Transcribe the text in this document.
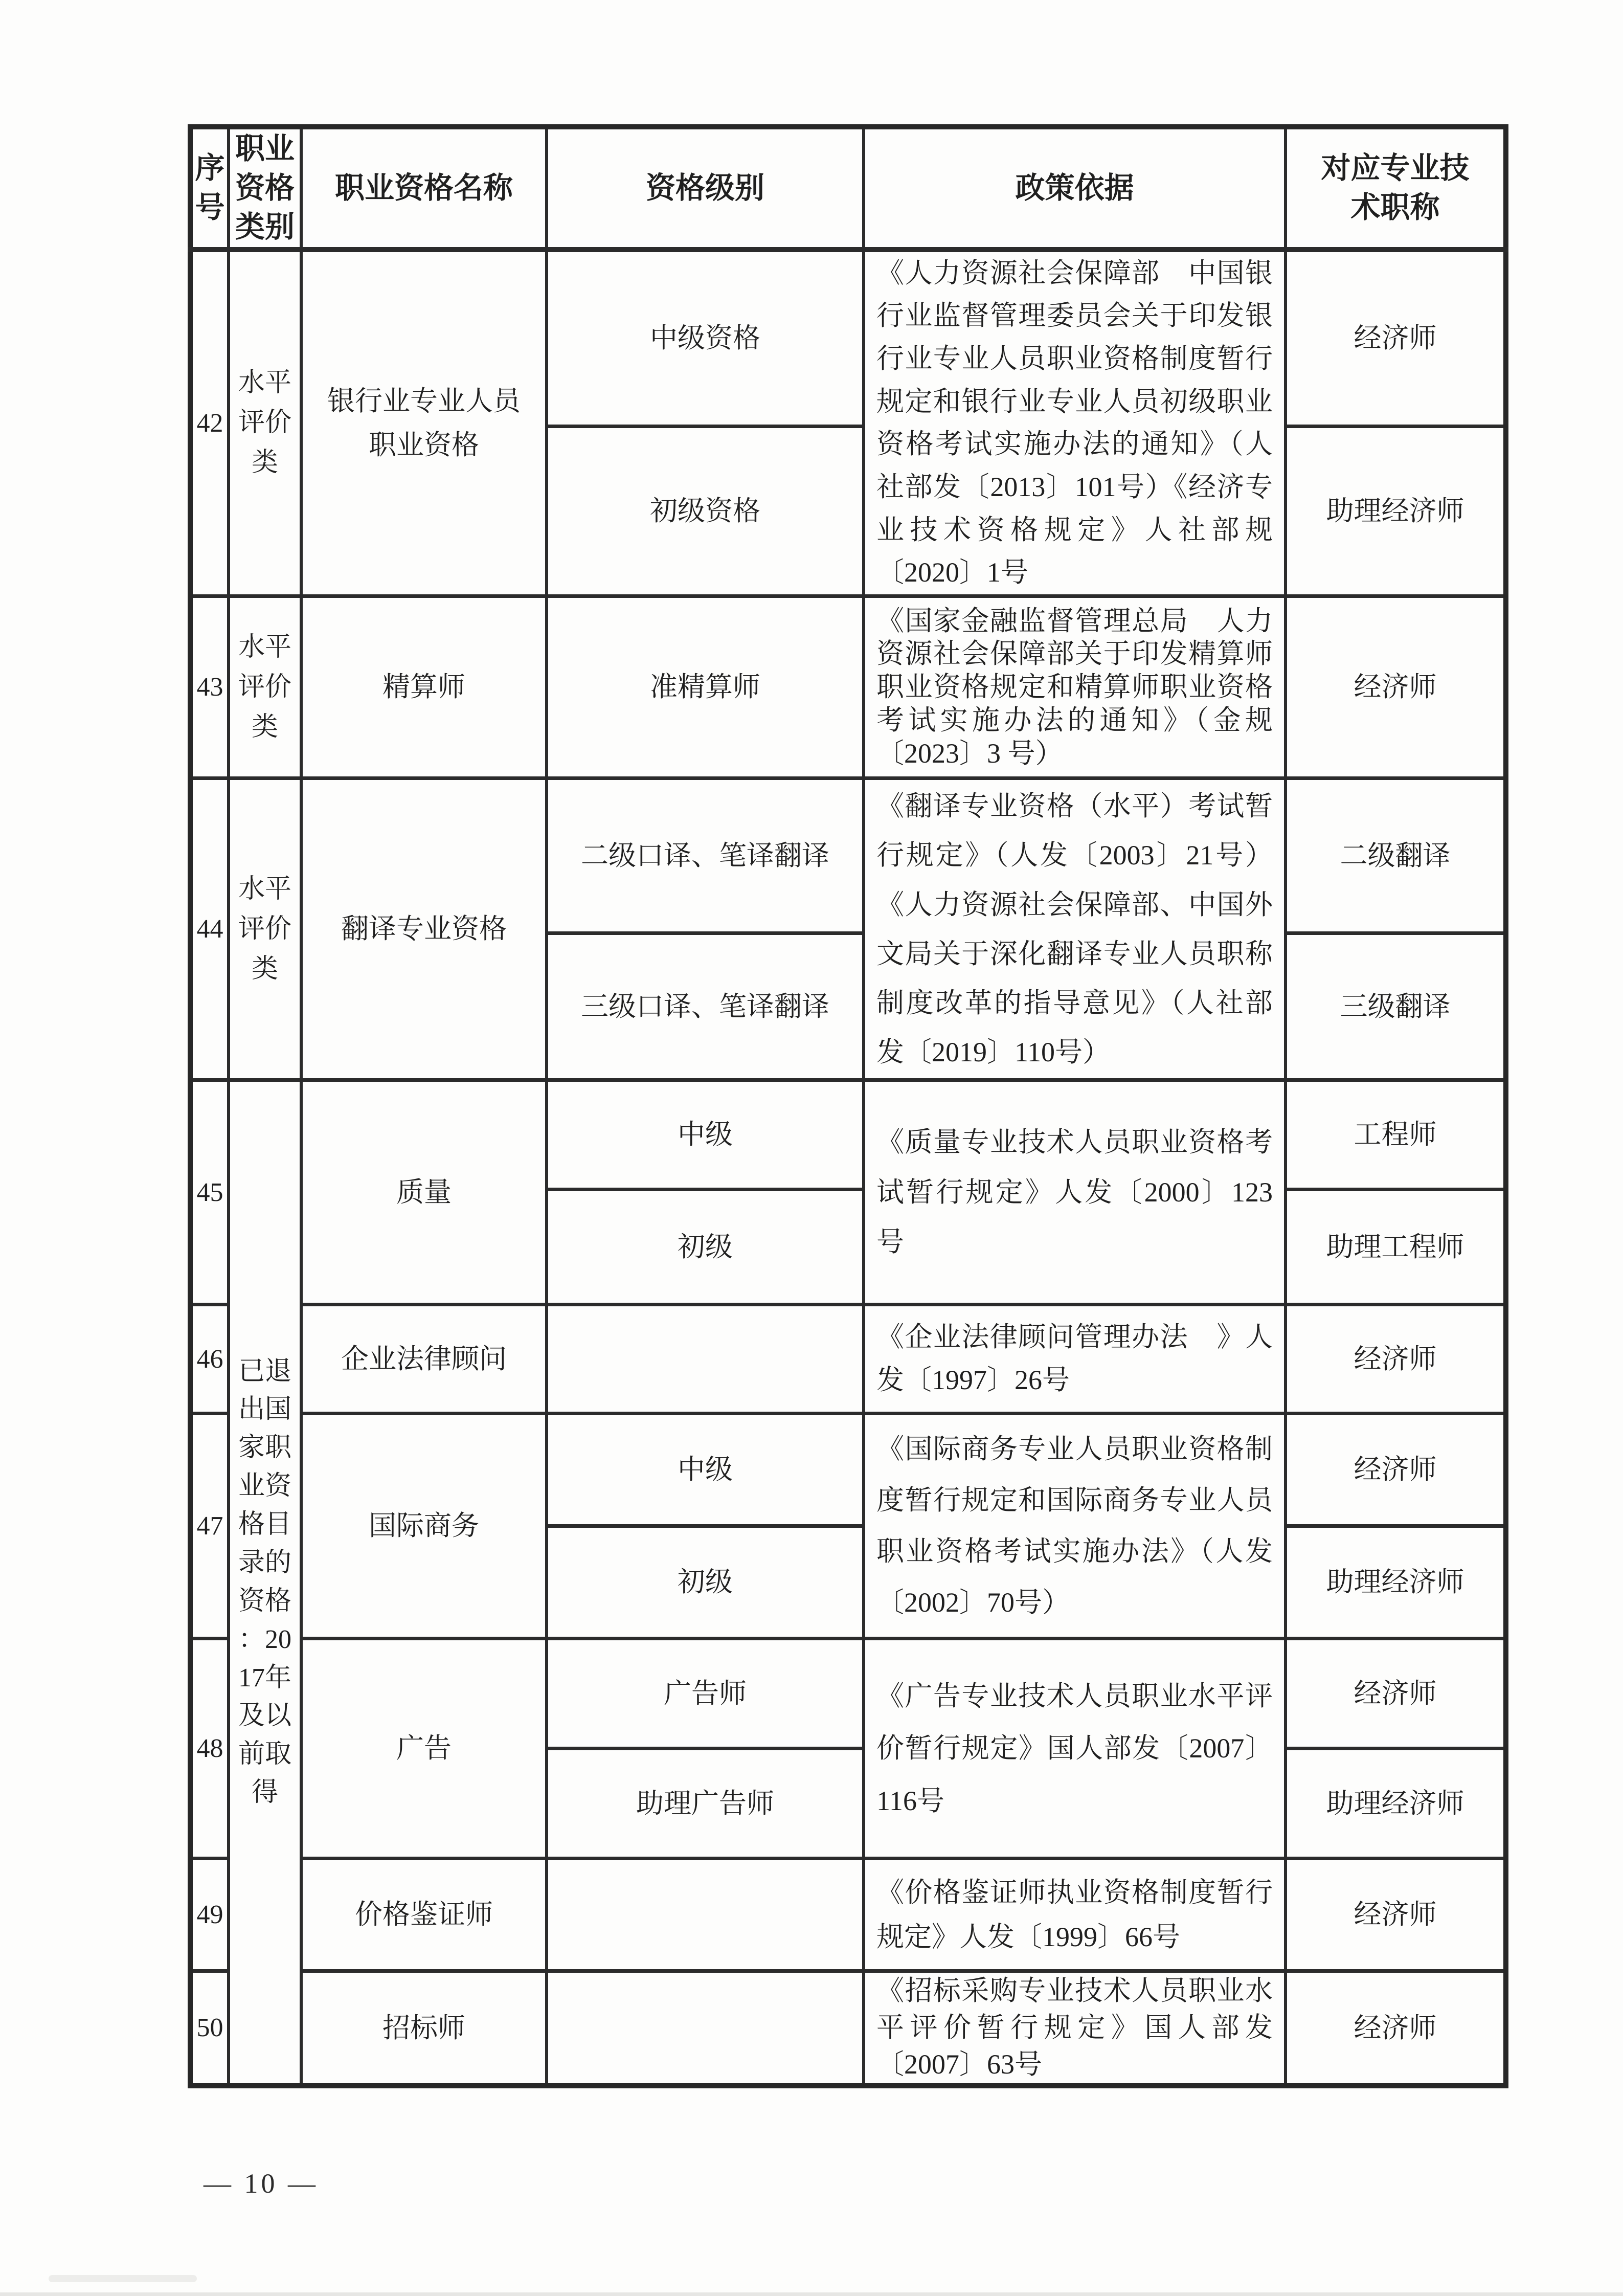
序号	职业资格类别	职业资格名称	资格级别	政策依据	对应专业技术职称
42	水平评价类	银行业专业人员职业资格	中级资格	《人力资源社会保障部　中国银行业监督管理委员会关于印发银行业专业人员职业资格制度暂行规定和银行业专业人员初级职业资格考试实施办法的通知》（人社部发〔2013〕101号）《经济专业技术资格规定》人社部规〔2020〕1号	经济师
			初级资格		助理经济师
43	水平评价类	精算师	准精算师	《国家金融监督管理总局　人力资源社会保障部关于印发精算师职业资格规定和精算师职业资格考试实施办法的通知》（金规〔2023〕3 号）	经济师
44	水平评价类	翻译专业资格	二级口译、笔译翻译	《翻译专业资格（水平）考试暂行规定》（人发〔2003〕21号）《人力资源社会保障部、中国外文局关于深化翻译专业人员职称制度改革的指导意见》（人社部发〔2019〕110号）	二级翻译
			三级口译、笔译翻译		三级翻译
45	已退出国家职业资格目录的资格：2017年及以前取得	质量	中级	《质量专业技术人员职业资格考试暂行规定》人发〔2000〕123号	工程师
			初级		助理工程师
46		企业法律顾问		《企业法律顾问管理办法　》人发〔1997〕26号	经济师
47		国际商务	中级	《国际商务专业人员职业资格制度暂行规定和国际商务专业人员职业资格考试实施办法》（人发〔2002〕70号）	经济师
			初级		助理经济师
48		广告	广告师	《广告专业技术人员职业水平评价暂行规定》国人部发〔2007〕116号	经济师
			助理广告师		助理经济师
49		价格鉴证师		《价格鉴证师执业资格制度暂行规定》人发〔1999〕66号	经济师
50		招标师		《招标采购专业技术人员职业水平评价暂行规定》国人部发〔2007〕63号	经济师
— 10 —
